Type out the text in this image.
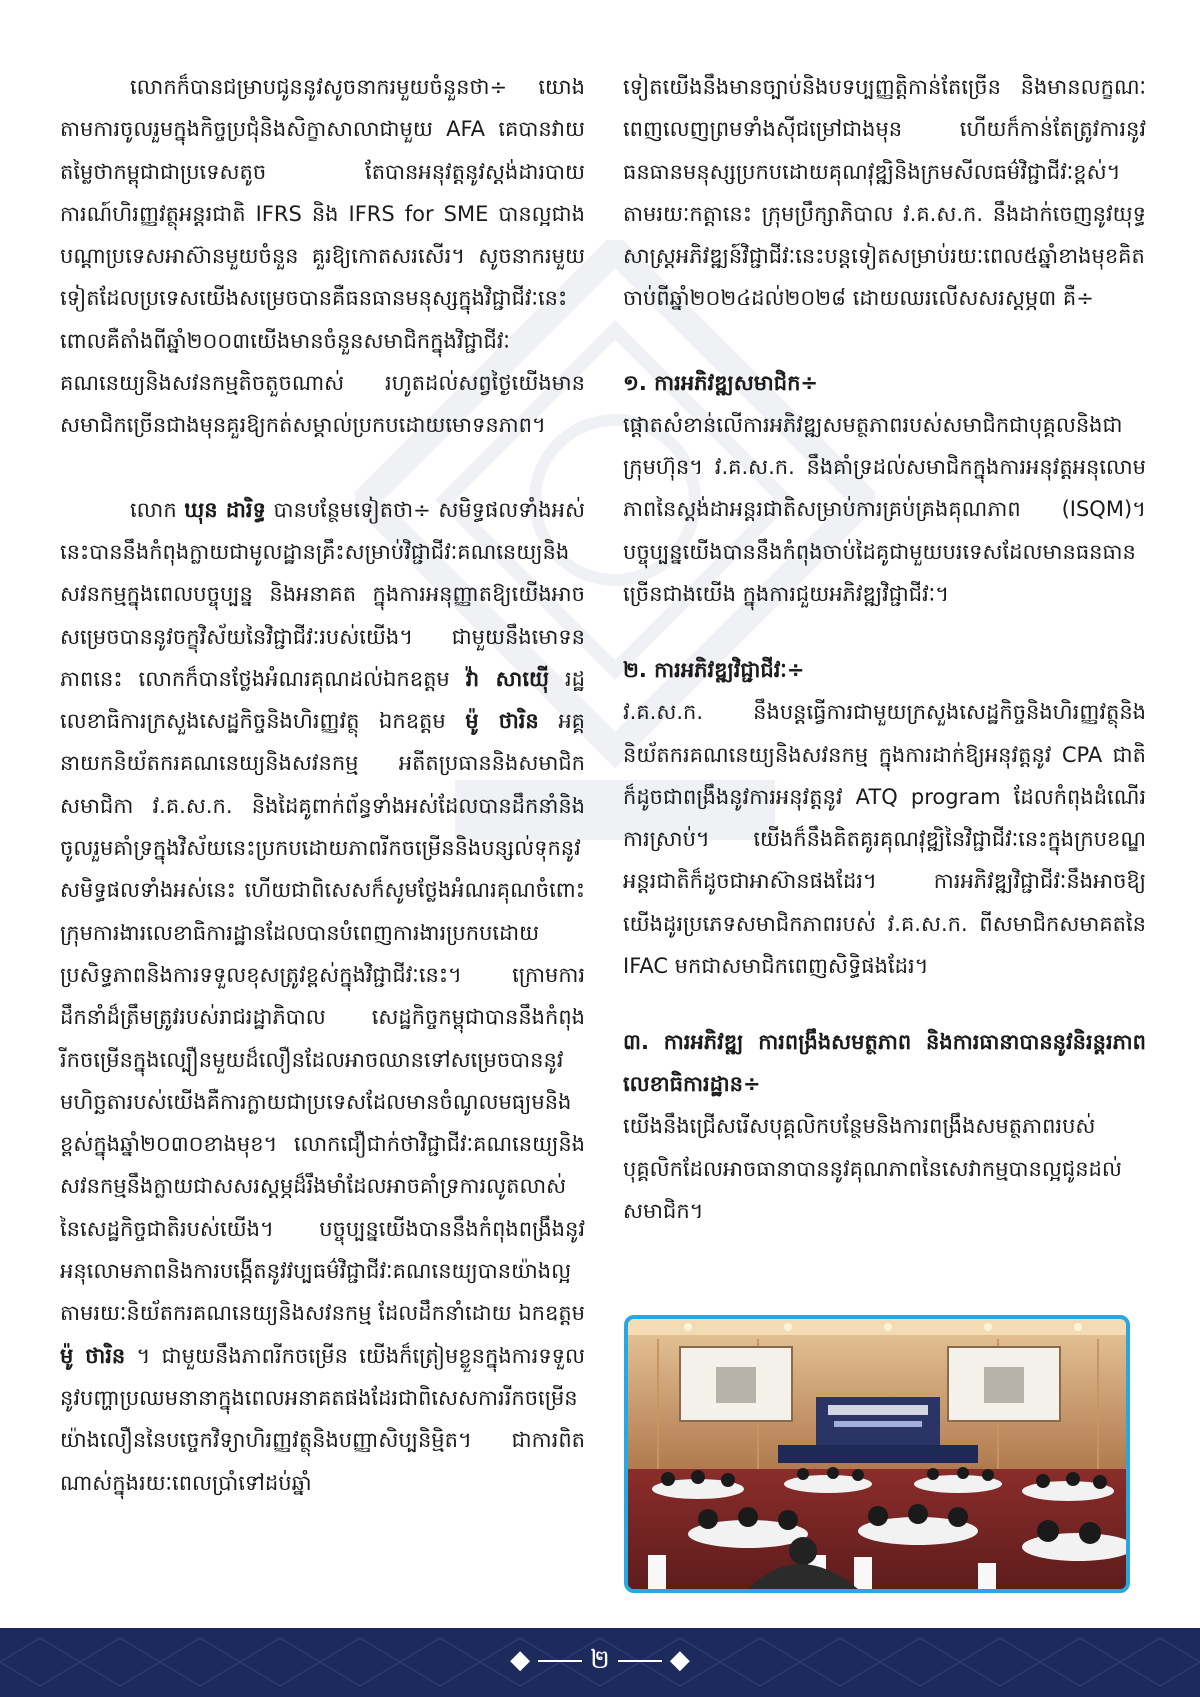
លោកក៏បានជម្រាបជូននូវសូចនាករមួយចំនួនថា÷ យោងតាមការចូលរួមក្នុងកិច្ចប្រជុំនិងសិក្ខាសាលាជាមួយ AFA គេបានវាយតម្លៃថាកម្ពុជាជាប្រទេសតូច តែបានអនុវត្តនូវស្តង់ដារបាយការណ៍ហិរញ្ញវត្ថុអន្តរជាតិ IFRS និង IFRS for SME បានល្អជាងបណ្តាប្រទេសអាស៊ានមួយចំនួន គួរឱ្យកោតសរសើរ។ សូចនាករមួយទៀតដែលប្រទេសយើងសម្រេចបានគឺធនធានមនុស្សក្នុងវិជ្ជាជីវៈនេះពោលគឺតាំងពីឆ្នាំ២០០៣យើងមានចំនួនសមាជិកក្នុងវិជ្ជាជីវៈគណនេយ្យនិងសវនកម្មតិចតួចណាស់ រហូតដល់សព្វថ្ងៃយើងមានសមាជិកច្រើនជាងមុនគួរឱ្យកត់សម្គាល់ប្រកបដោយមោទនភាព។

លោក ឃុន ដារិទ្ធ បានបន្ថែមទៀតថា÷ សមិទ្ធផលទាំងអស់នេះបាននឹងកំពុងក្លាយជាមូលដ្ឋានគ្រឹះសម្រាប់វិជ្ជាជីវៈគណនេយ្យនិងសវនកម្មក្នុងពេលបច្ចុប្បន្ន និងអនាគត ក្នុងការអនុញ្ញាតឱ្យយើងអាចសម្រេចបាននូវចក្ខុវិស័យនៃវិជ្ជាជីវៈរបស់យើង។ ជាមួយនឹងមោទនភាពនេះ លោកក៏បានថ្លែងអំណរគុណដល់ឯកឧត្តម វ៉ា សាយ៉ើ រដ្ឋលេខាធិការក្រសួងសេដ្ឋកិច្ចនិងហិរញ្ញវត្ថុ ឯកឧត្តម ម៉ូ ថារិន អគ្គនាយកនិយ័តករគណនេយ្យនិងសវនកម្ម អតីតប្រធាននិងសមាជិកសមាជិកា វ.គ.ស.ក. និងដៃគូពាក់ព័ន្ធទាំងអស់ដែលបានដឹកនាំនិងចូលរួមគាំទ្រក្នុងវិស័យនេះប្រកបដោយភាពរីកចម្រើននិងបន្សល់ទុកនូវសមិទ្ធផលទាំងអស់នេះ ហើយជាពិសេសក៏សូមថ្លែងអំណរគុណចំពោះក្រុមការងារលេខាធិការដ្ឋានដែលបានបំពេញការងារប្រកបដោយប្រសិទ្ធភាពនិងការទទួលខុសត្រូវខ្ពស់ក្នុងវិជ្ជាជីវៈនេះ។ ក្រោមការដឹកនាំដ៏ត្រឹមត្រូវរបស់រាជរដ្ឋាភិបាល សេដ្ឋកិច្ចកម្ពុជាបាននឹងកំពុងរីកចម្រើនក្នុងល្បឿនមួយដ៏លឿនដែលអាចឈានទៅសម្រេចបាននូវមហិច្ឆតារបស់យើងគឺការក្លាយជាប្រទេសដែលមានចំណូលមធ្យមនិងខ្ពស់ក្នុងឆ្នាំ២០៣០ខាងមុខ។ លោកជឿជាក់ថាវិជ្ជាជីវៈគណនេយ្យនិងសវនកម្មនឹងក្លាយជាសសរស្តម្ភដ៏រឹងមាំដែលអាចគាំទ្រការលូតលាស់នៃសេដ្ឋកិច្ចជាតិរបស់យើង។ បច្ចុប្បន្នយើងបាននឹងកំពុងពង្រឹងនូវអនុលោមភាពនិងការបង្កើតនូវវប្បធម៌វិជ្ជាជីវៈគណនេយ្យបានយ៉ាងល្អ តាមរយៈនិយ័តករគណនេយ្យនិងសវនកម្ម ដែលដឹកនាំដោយ ឯកឧត្តម ម៉ូ ថារិន ។ ជាមួយនឹងភាពរីកចម្រើន យើងក៏ត្រៀមខ្លួនក្នុងការទទួលនូវបញ្ហាប្រឈមនានាក្នុងពេលអនាគតផងដែរជាពិសេសការរីកចម្រើនយ៉ាងលឿននៃបច្ចេកវិទ្យាហិរញ្ញវត្ថុនិងបញ្ញាសិប្បនិម្មិត។ ជាការពិតណាស់ក្នុងរយៈពេលប្រាំទៅដប់ឆ្នាំ

ទៀតយើងនឹងមានច្បាប់និងបទប្បញ្ញត្តិកាន់តែច្រើន និងមានលក្ខណៈពេញលេញព្រមទាំងស៊ីជម្រៅជាងមុន ហើយក៏កាន់តែត្រូវការនូវធនធានមនុស្សប្រកបដោយគុណវុឌ្ឍិនិងក្រមសីលធម៌វិជ្ជាជីវៈខ្ពស់។ តាមរយៈកត្តានេះ ក្រុមប្រឹក្សាភិបាល វ.គ.ស.ក. នឹងដាក់ចេញនូវយុទ្ធសាស្ត្រអភិវឌ្ឍន៍វិជ្ជាជីវៈនេះបន្តទៀតសម្រាប់រយៈពេល៥ឆ្នាំខាងមុខគិតចាប់ពីឆ្នាំ២០២៤ដល់២០២៨ ដោយឈរលើសសរស្តម្ភ៣ គឺ÷

១. ការអភិវឌ្ឍសមាជិក÷

ផ្តោតសំខាន់លើការអភិវឌ្ឍសមត្ថភាពរបស់សមាជិកជាបុគ្គលនិងជាក្រុមហ៊ុន។ វ.គ.ស.ក. នឹងគាំទ្រដល់សមាជិកក្នុងការអនុវត្តអនុលោមភាពនៃស្តង់ដាអន្តរជាតិសម្រាប់ការគ្រប់គ្រងគុណភាព (ISQM)។ បច្ចុប្បន្នយើងបាននឹងកំពុងចាប់ដៃគូជាមួយបរទេសដែលមានធនធានច្រើនជាងយើង ក្នុងការជួយអភិវឌ្ឍវិជ្ជាជីវៈ។

២. ការអភិវឌ្ឍវិជ្ជាជីវៈ÷

វ.គ.ស.ក. នឹងបន្តធ្វើការជាមួយក្រសួងសេដ្ឋកិច្ចនិងហិរញ្ញវត្ថុនិងនិយ័តករគណនេយ្យនិងសវនកម្ម ក្នុងការដាក់ឱ្យអនុវត្តនូវ CPA ជាតិ ក៏ដូចជាពង្រឹងនូវការអនុវត្តនូវ ATQ program ដែលកំពុងដំណើរការស្រាប់។ យើងក៏នឹងគិតគូរគុណវុឌ្ឍិនៃវិជ្ជាជីវៈនេះក្នុងក្របខណ្ឌអន្តរជាតិក៏ដូចជាអាស៊ានផងដែរ។ ការអភិវឌ្ឍវិជ្ជាជីវៈនឹងអាចឱ្យយើងដូរប្រភេទសមាជិកភាពរបស់ វ.គ.ស.ក. ពីសមាជិកសមាគតនៃ IFAC មកជាសមាជិកពេញសិទ្ធិផងដែរ។

៣. ការអភិវឌ្ឍ ការពង្រឹងសមត្ថភាព និងការធានាបាននូវនិរន្តរភាពលេខាធិការដ្ឋាន÷

យើងនឹងជ្រើសរើសបុគ្គលិកបន្ថែមនិងការពង្រឹងសមត្ថភាពរបស់បុគ្គលិកដែលអាចធានាបាននូវគុណភាពនៃសេវាកម្មបានល្អជូនដល់សមាជិក។

◆ ២ ◆
